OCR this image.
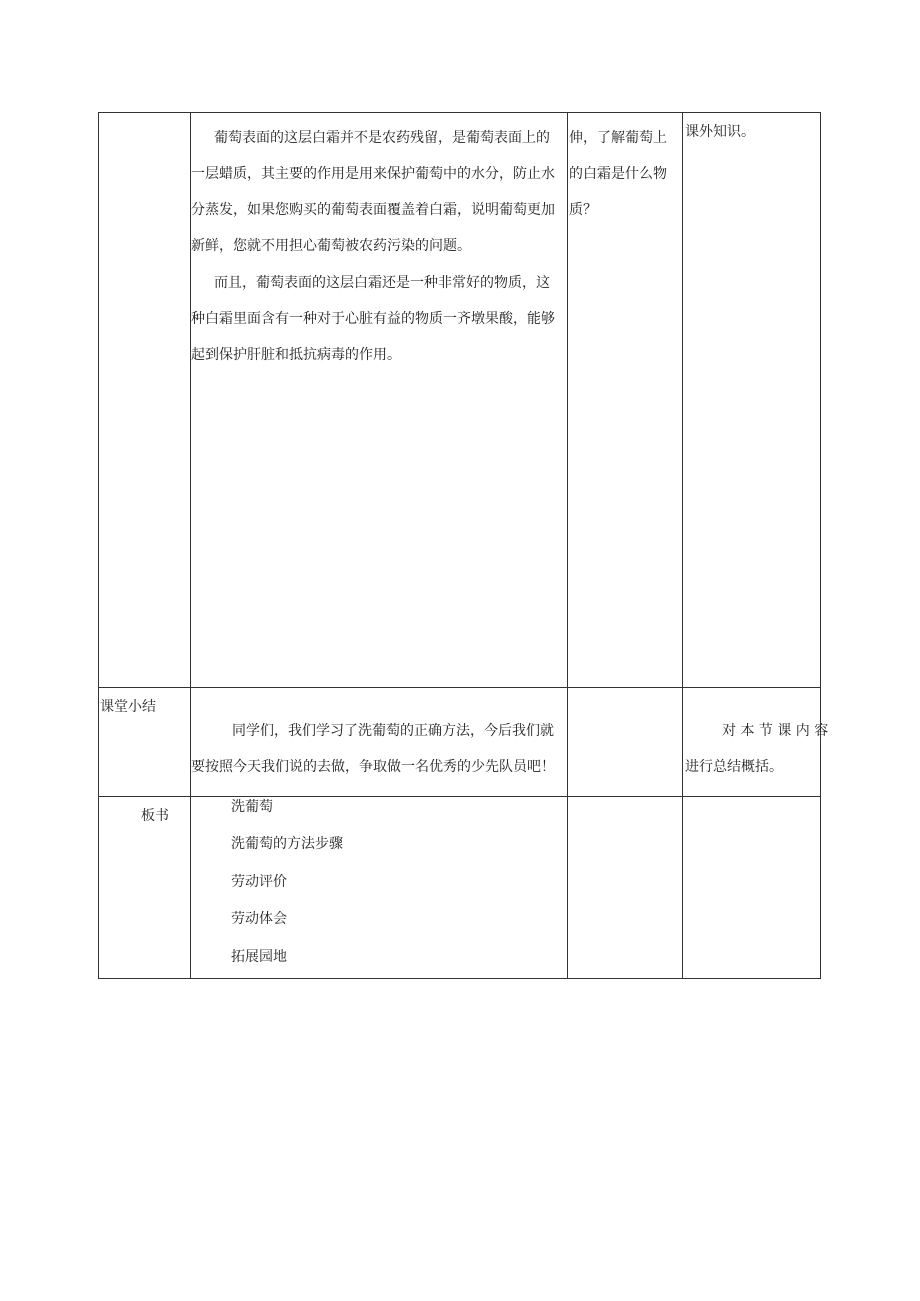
葡萄表面的这层白霜并不是农药残留，是葡萄表面上的
一层蜡质，其主要的作用是用来保护葡萄中的水分，防止水
分蒸发，如果您购买的葡萄表面覆盖着白霜，说明葡萄更加
新鲜，您就不用担心葡萄被农药污染的问题。
而且，葡萄表面的这层白霜还是一种非常好的物质，这
种白霜里面含有一种对于心脏有益的物质一齐墩果酸，能够
起到保护肝脏和抵抗病毒的作用。
伸，了解葡萄上
的白霜是什么物
质？
课外知识。
课堂小结
同学们，我们学习了洗葡萄的正确方法，今后我们就
要按照今天我们说的去做，争取做一名优秀的少先队员吧！
对 本 节 课 内 容
进行总结概括。
板书
洗葡萄
洗葡萄的方法步骤
劳动评价
劳动体会
拓展园地
